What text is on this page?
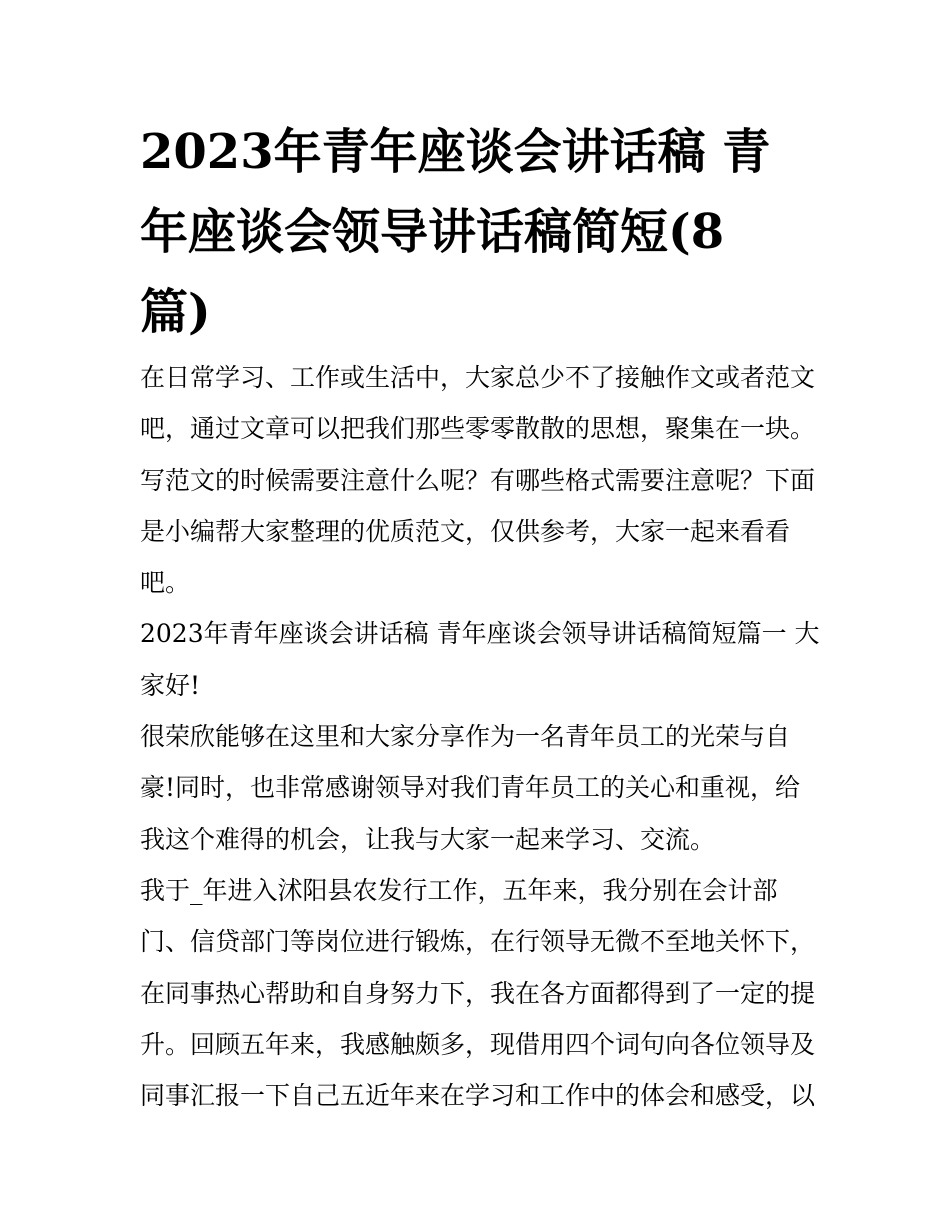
2023年青年座谈会讲话稿 青
年座谈会领导讲话稿简短(8
篇)
在日常学习、工作或生活中，大家总少不了接触作文或者范文
吧，通过文章可以把我们那些零零散散的思想，聚集在一块。
写范文的时候需要注意什么呢？有哪些格式需要注意呢？下面
是小编帮大家整理的优质范文，仅供参考，大家一起来看看
吧。
2023年青年座谈会讲话稿 青年座谈会领导讲话稿简短篇一 大
家好!
很荣欣能够在这里和大家分享作为一名青年员工的光荣与自
豪!同时，也非常感谢领导对我们青年员工的关心和重视，给
我这个难得的机会，让我与大家一起来学习、交流。
我于_年进入沭阳县农发行工作，五年来，我分别在会计部
门、信贷部门等岗位进行锻炼，在行领导无微不至地关怀下，
在同事热心帮助和自身努力下，我在各方面都得到了一定的提
升。回顾五年来，我感触颇多，现借用四个词句向各位领导及
同事汇报一下自己五近年来在学习和工作中的体会和感受，以
